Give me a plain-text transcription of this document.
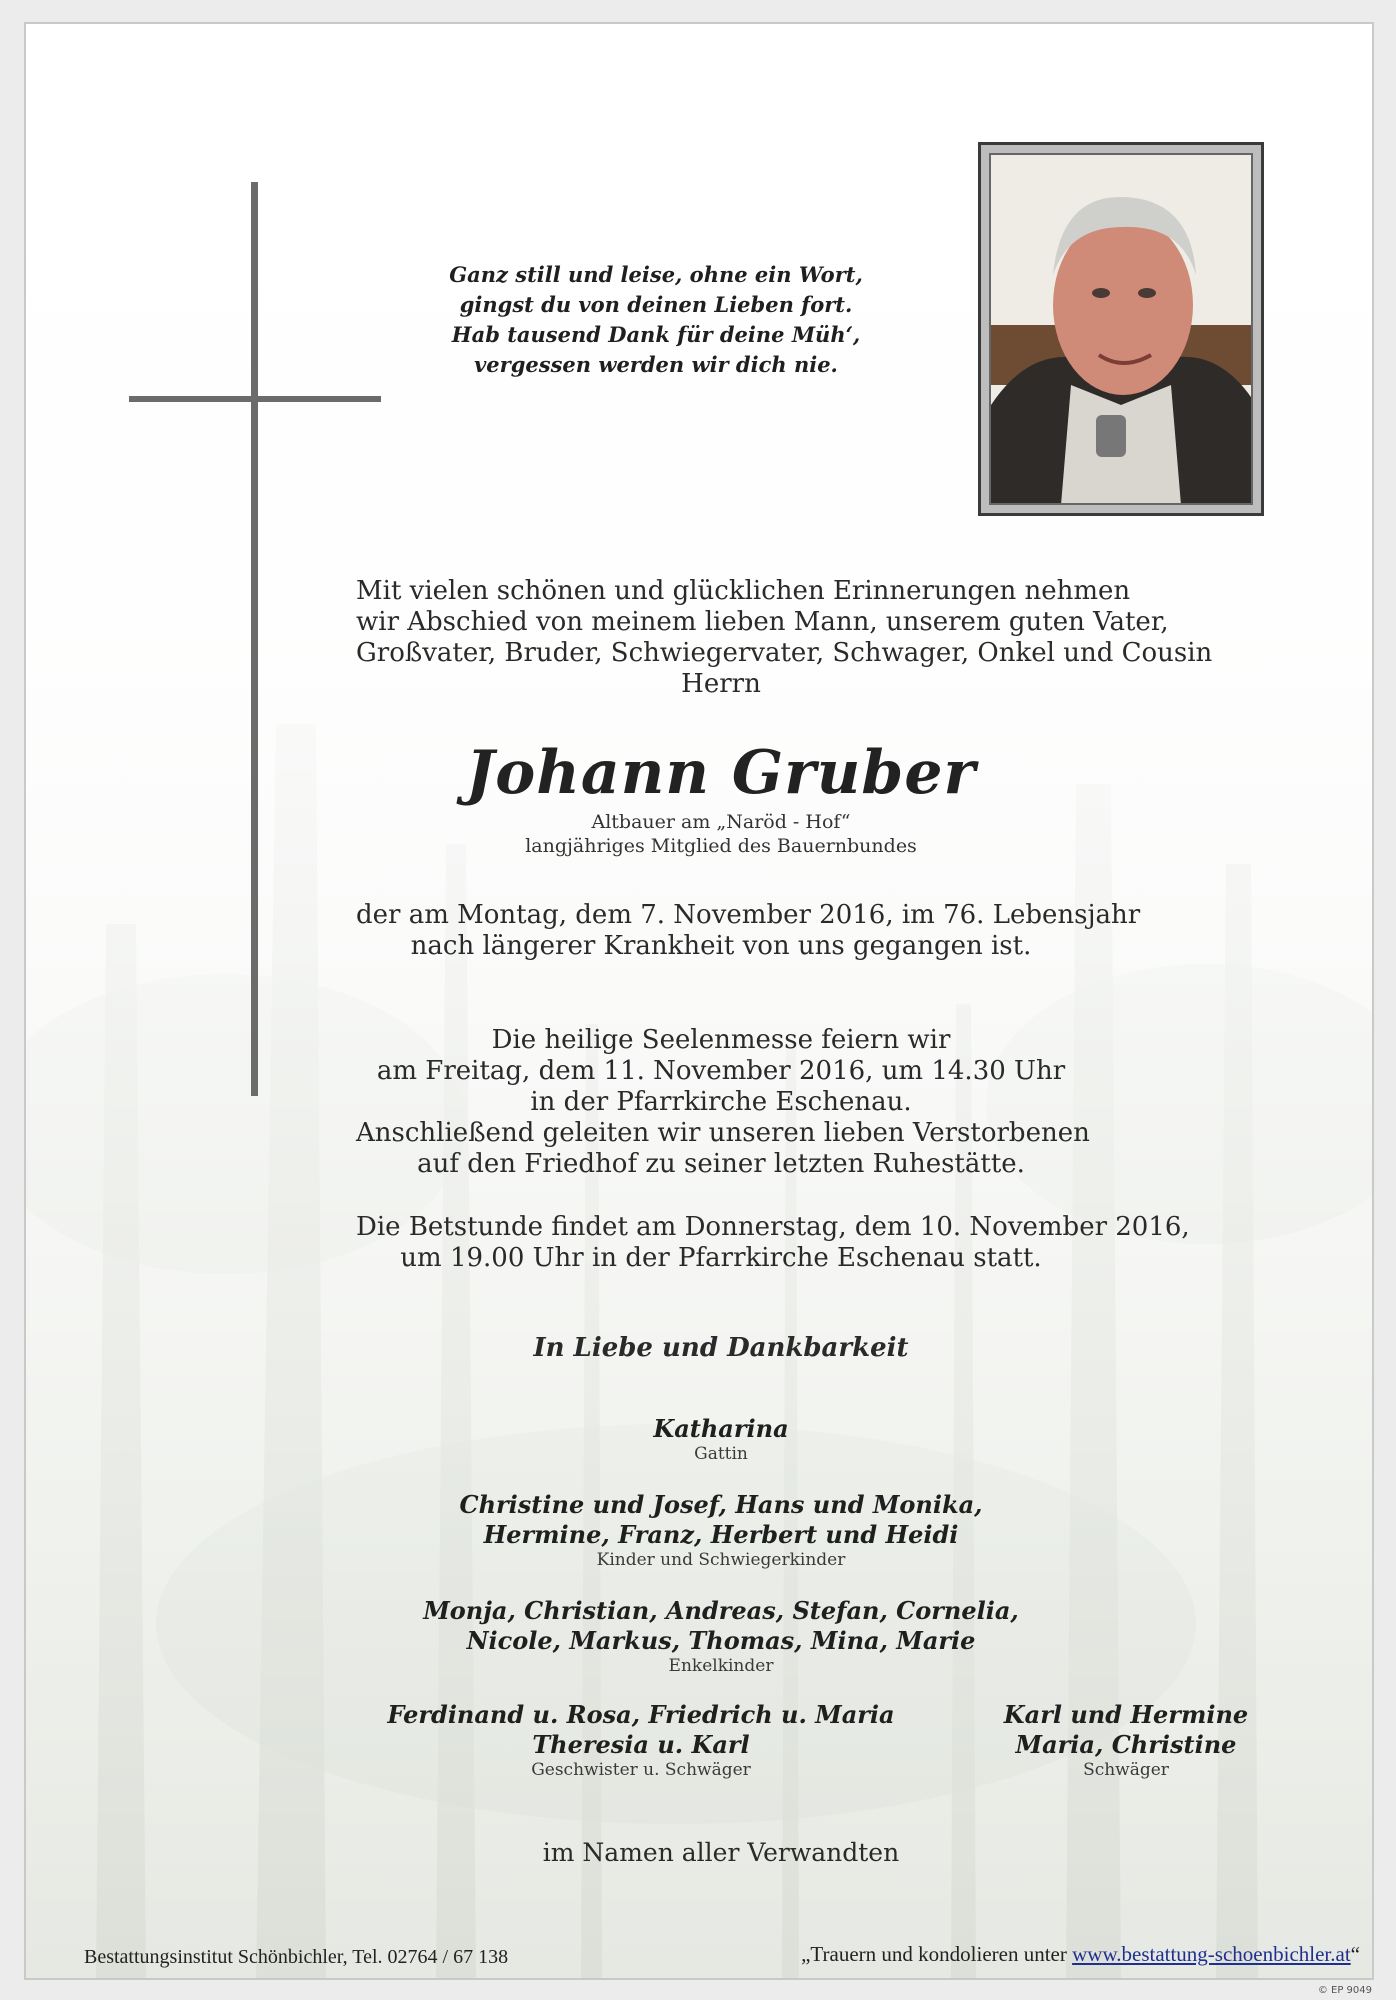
Ganz still und leise, ohne ein Wort,
gingst du von deinen Lieben fort.
Hab tausend Dank für deine Müh‘,
vergessen werden wir dich nie.
Mit vielen schönen und glücklichen Erinnerungen nehmen
wir Abschied von meinem lieben Mann, unserem guten Vater,
Großvater, Bruder, Schwiegervater, Schwager, Onkel und Cousin
Herrn
Johann Gruber
Altbauer am „Naröd - Hof“
langjähriges Mitglied des Bauernbundes
der am Montag, dem 7. November 2016, im 76. Lebensjahr
nach längerer Krankheit von uns gegangen ist.
Die heilige Seelenmesse feiern wir
am Freitag, dem 11. November 2016, um 14.30 Uhr
in der Pfarrkirche Eschenau.
Anschließend geleiten wir unseren lieben Verstorbenen
auf den Friedhof zu seiner letzten Ruhestätte.
Die Betstunde findet am Donnerstag, dem 10. November 2016,
um 19.00 Uhr in der Pfarrkirche Eschenau statt.
In Liebe und Dankbarkeit
Katharina
Gattin
Christine und Josef, Hans und Monika,
Hermine, Franz, Herbert und Heidi
Kinder und Schwiegerkinder
Monja, Christian, Andreas, Stefan, Cornelia,
Nicole, Markus, Thomas, Mina, Marie
Enkelkinder
Ferdinand u. Rosa, Friedrich u. Maria
Theresia u. Karl
Geschwister u. Schwäger
Karl und Hermine
Maria, Christine
Schwäger
im Namen aller Verwandten
Bestattungsinstitut Schönbichler, Tel. 02764 / 67 138	„Trauern und kondolieren unter www.bestattung-schoenbichler.at“
© EP 9049
